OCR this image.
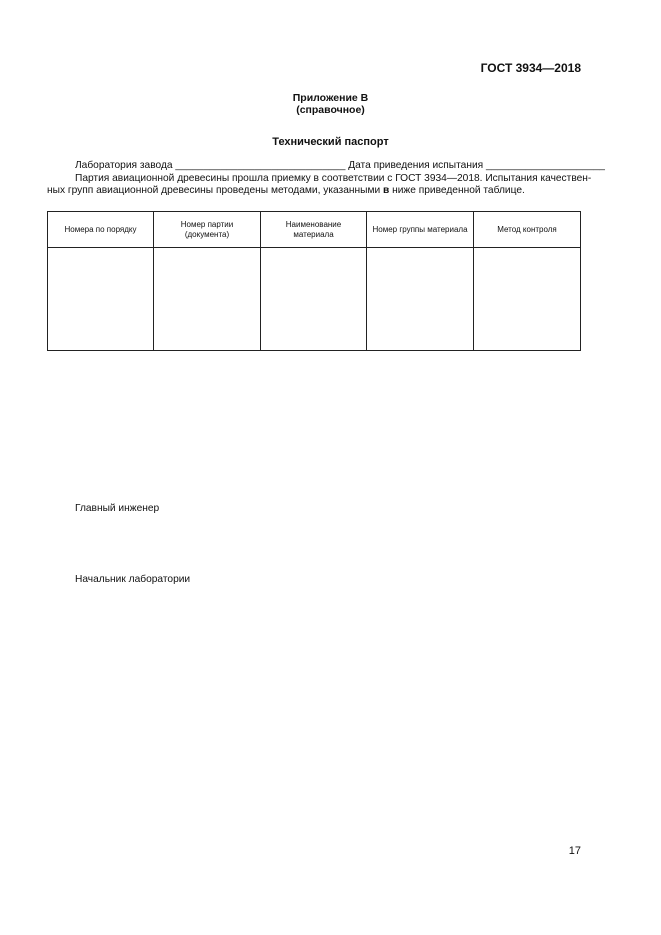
ГОСТ 3934—2018
Приложение В
(справочное)
Технический паспорт
Лаборатория завода ______________________________ Дата приведения испытания _____________________
Партия авиационной древесины прошла приемку в соответствии с ГОСТ 3934—2018. Испытания качествен-
ных групп авиационной древесины проведены методами, указанными в ниже приведенной таблице.
Номера по порядку	Номер партии (документа)	Наименование материала	Номер группы материала	Метод контроля

Главный инженер
Начальник лаборатории
17
